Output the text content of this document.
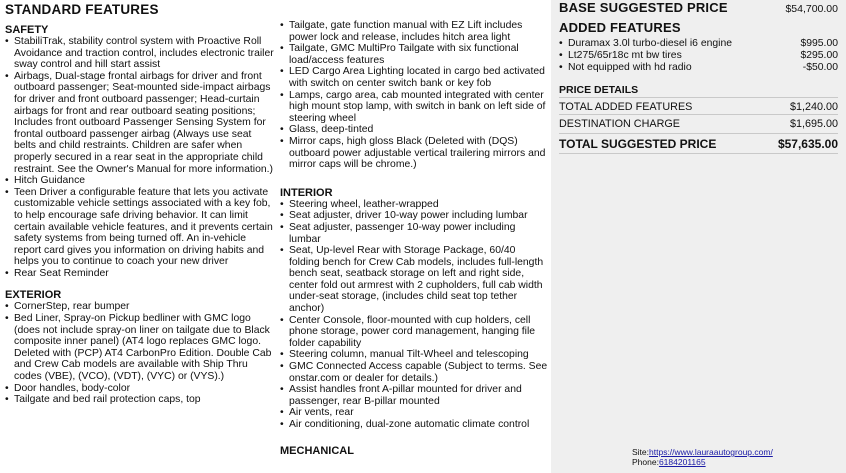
STANDARD FEATURES
SAFETY
• StabiliTrak, stability control system with Proactive Roll Avoidance and traction control, includes electronic trailer sway control and hill start assist
• Airbags, Dual-stage frontal airbags for driver and front outboard passenger; Seat-mounted side-impact airbags for driver and front outboard passenger; Head-curtain airbags for front and rear outboard seating positions; Includes front outboard Passenger Sensing System for frontal outboard passenger airbag (Always use seat belts and child restraints. Children are safer when properly secured in a rear seat in the appropriate child restraint. See the Owner's Manual for more information.)
• Hitch Guidance
• Teen Driver a configurable feature that lets you activate customizable vehicle settings associated with a key fob, to help encourage safe driving behavior. It can limit certain available vehicle features, and it prevents certain safety systems from being turned off. An in-vehicle report card gives you information on driving habits and helps you to continue to coach your new driver
• Rear Seat Reminder
EXTERIOR
• CornerStep, rear bumper
• Bed Liner, Spray-on Pickup bedliner with GMC logo (does not include spray-on liner on tailgate due to Black composite inner panel) (AT4 logo replaces GMC logo. Deleted with (PCP) AT4 CarbonPro Edition. Double Cab and Crew Cab models are available with Ship Thru codes (VBE), (VCO), (VDT), (VYC) or (VYS).)
• Door handles, body-color
• Tailgate and bed rail protection caps, top
• Tailgate, gate function manual with EZ Lift includes power lock and release, includes hitch area light
• Tailgate, GMC MultiPro Tailgate with six functional load/access features
• LED Cargo Area Lighting located in cargo bed activated with switch on center switch bank or key fob
• Lamps, cargo area, cab mounted integrated with center high mount stop lamp, with switch in bank on left side of steering wheel
• Glass, deep-tinted
• Mirror caps, high gloss Black (Deleted with (DQS) outboard power adjustable vertical trailering mirrors and mirror caps will be chrome.)
INTERIOR
• Steering wheel, leather-wrapped
• Seat adjuster, driver 10-way power including lumbar
• Seat adjuster, passenger 10-way power including lumbar
• Seat, Up-level Rear with Storage Package, 60/40 folding bench for Crew Cab models, includes full-length bench seat, seatback storage on left and right side, center fold out armrest with 2 cupholders, full cab width under-seat storage, (includes child seat top tether anchor)
• Center Console, floor-mounted with cup holders, cell phone storage, power cord management, hanging file folder capability
• Steering column, manual Tilt-Wheel and telescoping
• GMC Connected Access capable (Subject to terms. See onstar.com or dealer for details.)
• Assist handles front A-pillar mounted for driver and passenger, rear B-pillar mounted
• Air vents, rear
• Air conditioning, dual-zone automatic climate control
MECHANICAL
BASE SUGGESTED PRICE	$54,700.00
ADDED FEATURES
• Duramax 3.0l turbo-diesel i6 engine	$995.00
• Lt275/65r18c mt bw tires	$295.00
• Not equipped with hd radio	-$50.00
PRICE DETAILS
TOTAL ADDED FEATURES	$1,240.00
DESTINATION CHARGE	$1,695.00
TOTAL SUGGESTED PRICE	$57,635.00
Site:https://www.lauraautogroup.com/
Phone:6184201165
